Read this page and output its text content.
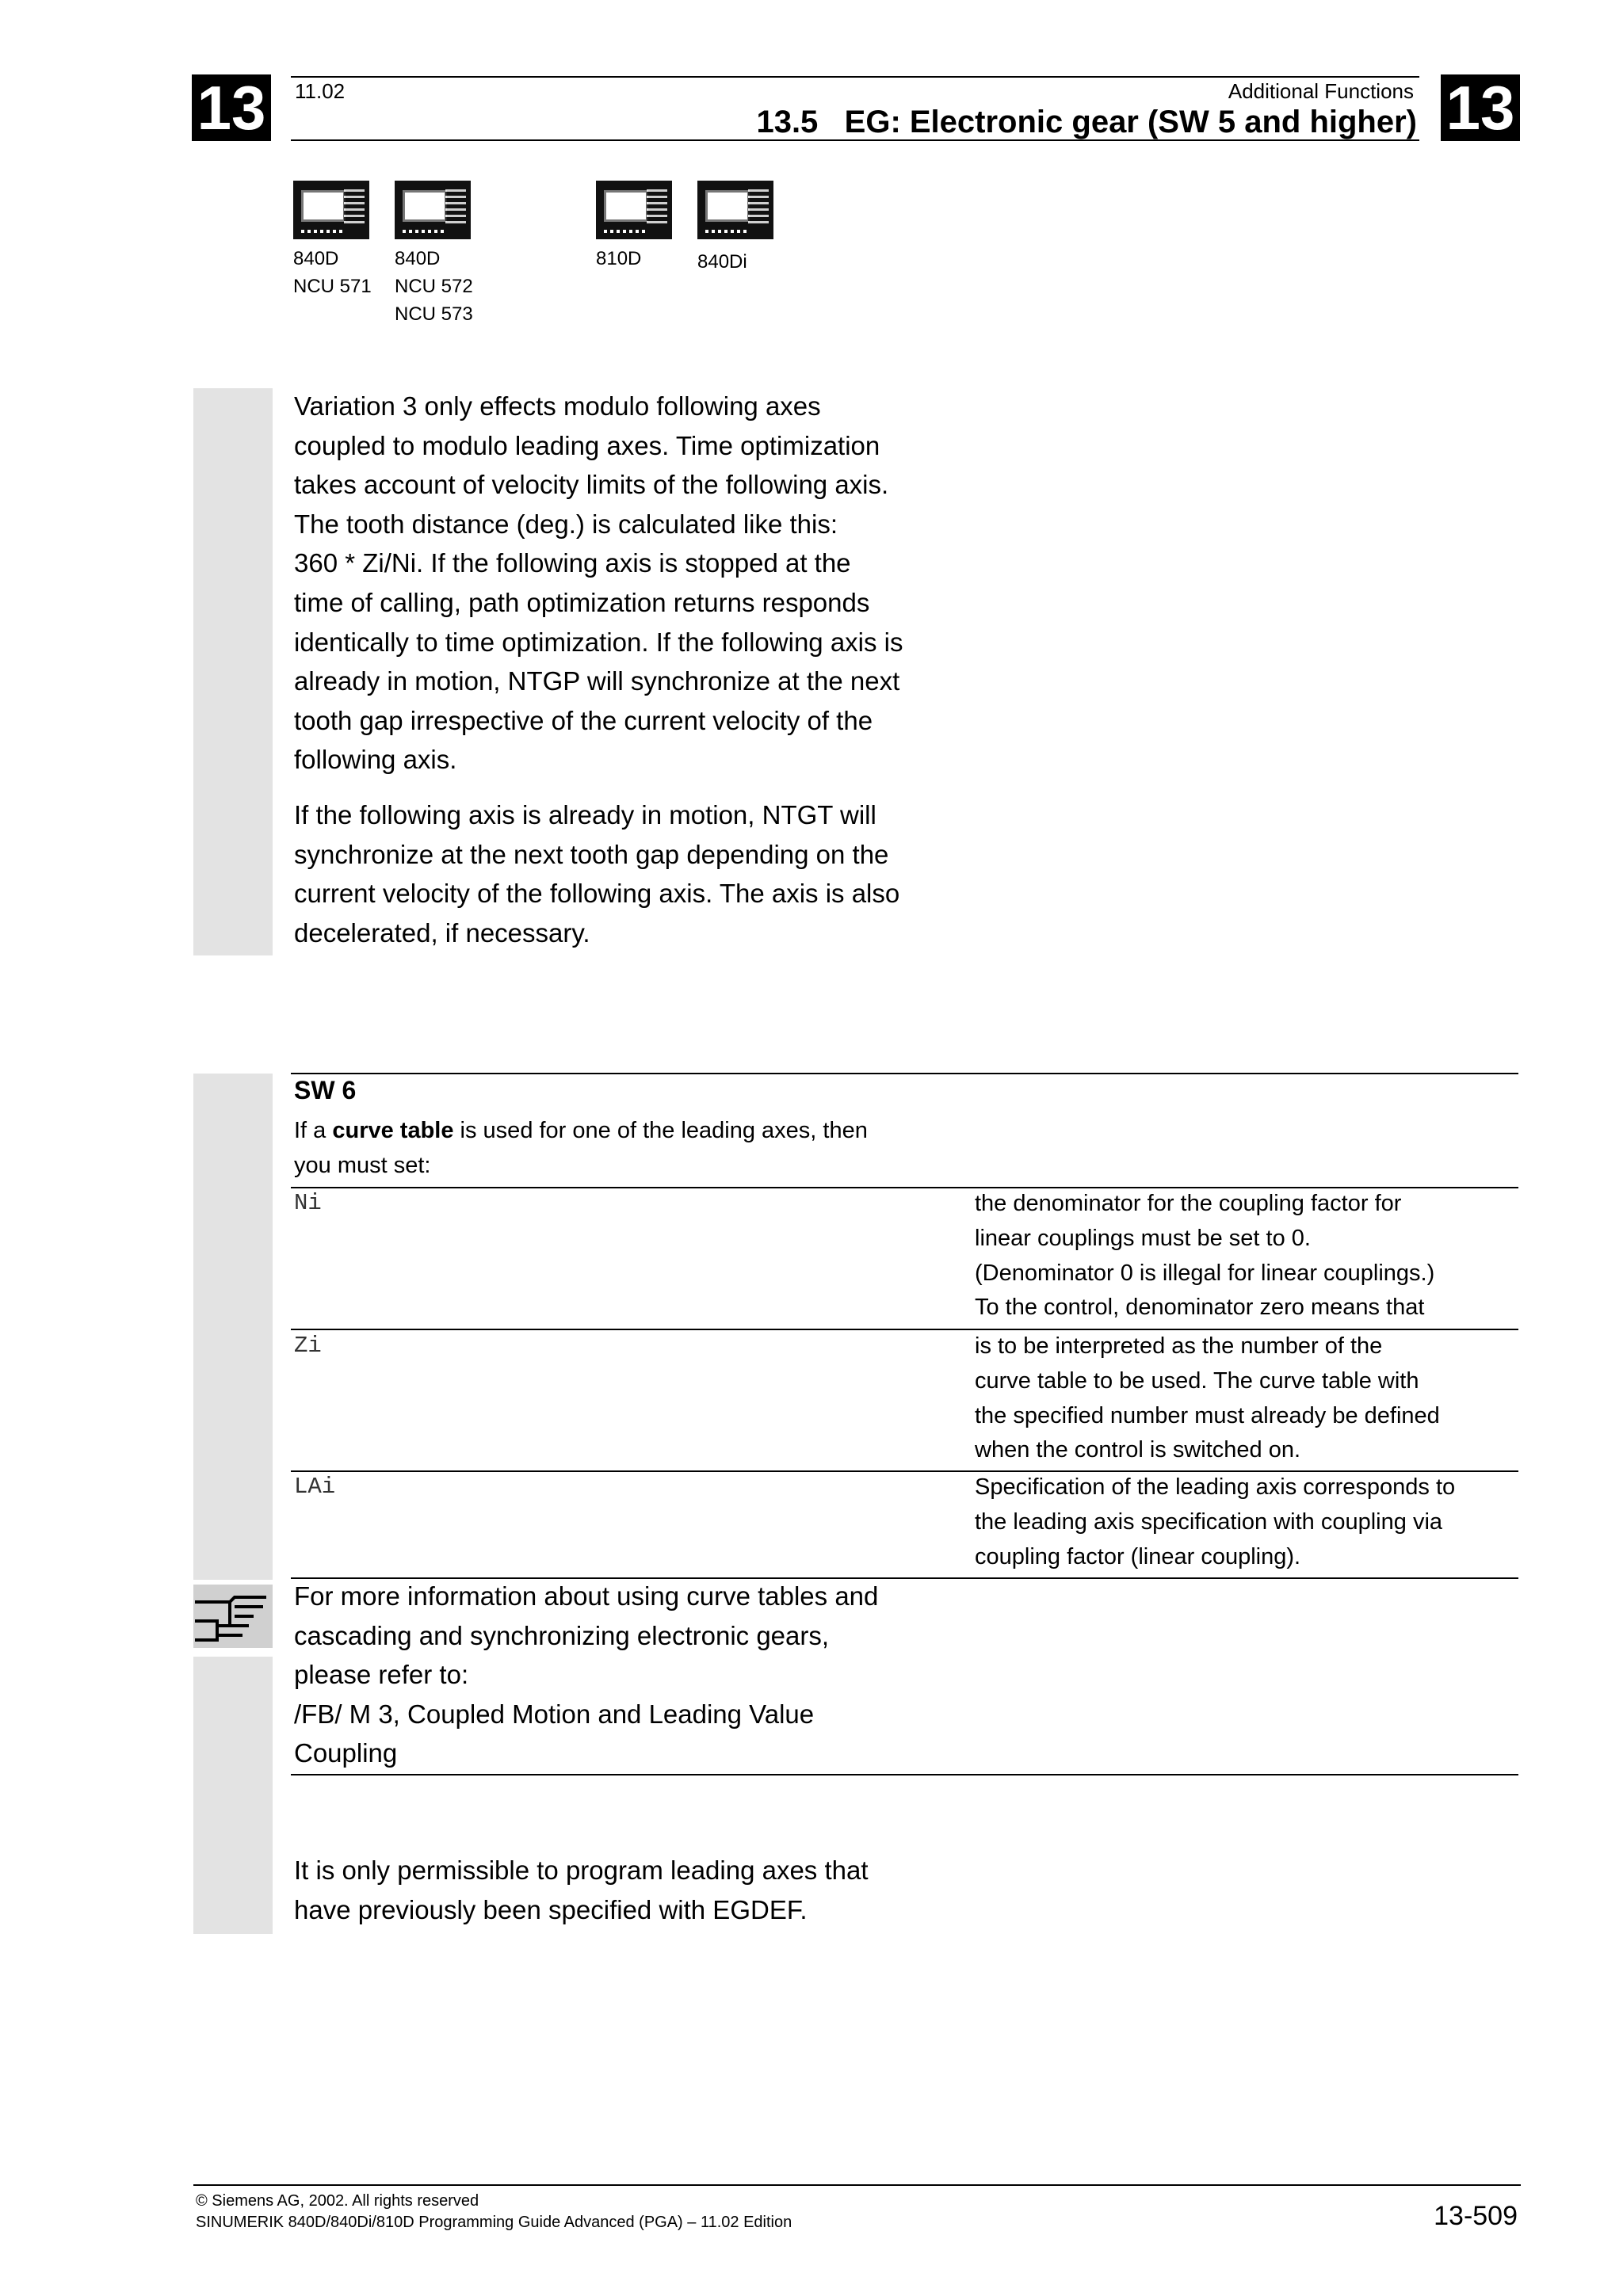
13	13
11.02	Additional Functions
13.5   EG: Electronic gear (SW 5 and higher)
840D
NCU 571
840D
NCU 572
NCU 573
810D	840Di
Variation 3 only effects modulo following axes
coupled to modulo leading axes. Time optimization
takes account of velocity limits of the following axis.
The tooth distance (deg.) is calculated like this:
360 * Zi/Ni. If the following axis is stopped at the
time of calling, path optimization returns responds
identically to time optimization. If the following axis is
already in motion, NTGP will synchronize at the next
tooth gap irrespective of the current velocity of the
following axis.
If the following axis is already in motion, NTGT will
synchronize at the next tooth gap depending on the
current velocity of the following axis. The axis is also
decelerated, if necessary.
SW 6
If a curve table is used for one of the leading axes, then
you must set:
Ni	the denominator for the coupling factor for
linear couplings must be set to 0.
(Denominator 0 is illegal for linear couplings.)
To the control, denominator zero means that
Zi	is to be interpreted as the number of the
curve table to be used. The curve table with
the specified number must already be defined
when the control is switched on.
LAi	Specification of the leading axis corresponds to
the leading axis specification with coupling via
coupling factor (linear coupling).
For more information about using curve tables and
cascading and synchronizing electronic gears,
please refer to:
/FB/ M 3, Coupled Motion and Leading Value
Coupling
It is only permissible to program leading axes that
have previously been specified with EGDEF.
© Siemens AG, 2002. All rights reserved
SINUMERIK 840D/840Di/810D Programming Guide Advanced (PGA) – 11.02 Edition	13-509
